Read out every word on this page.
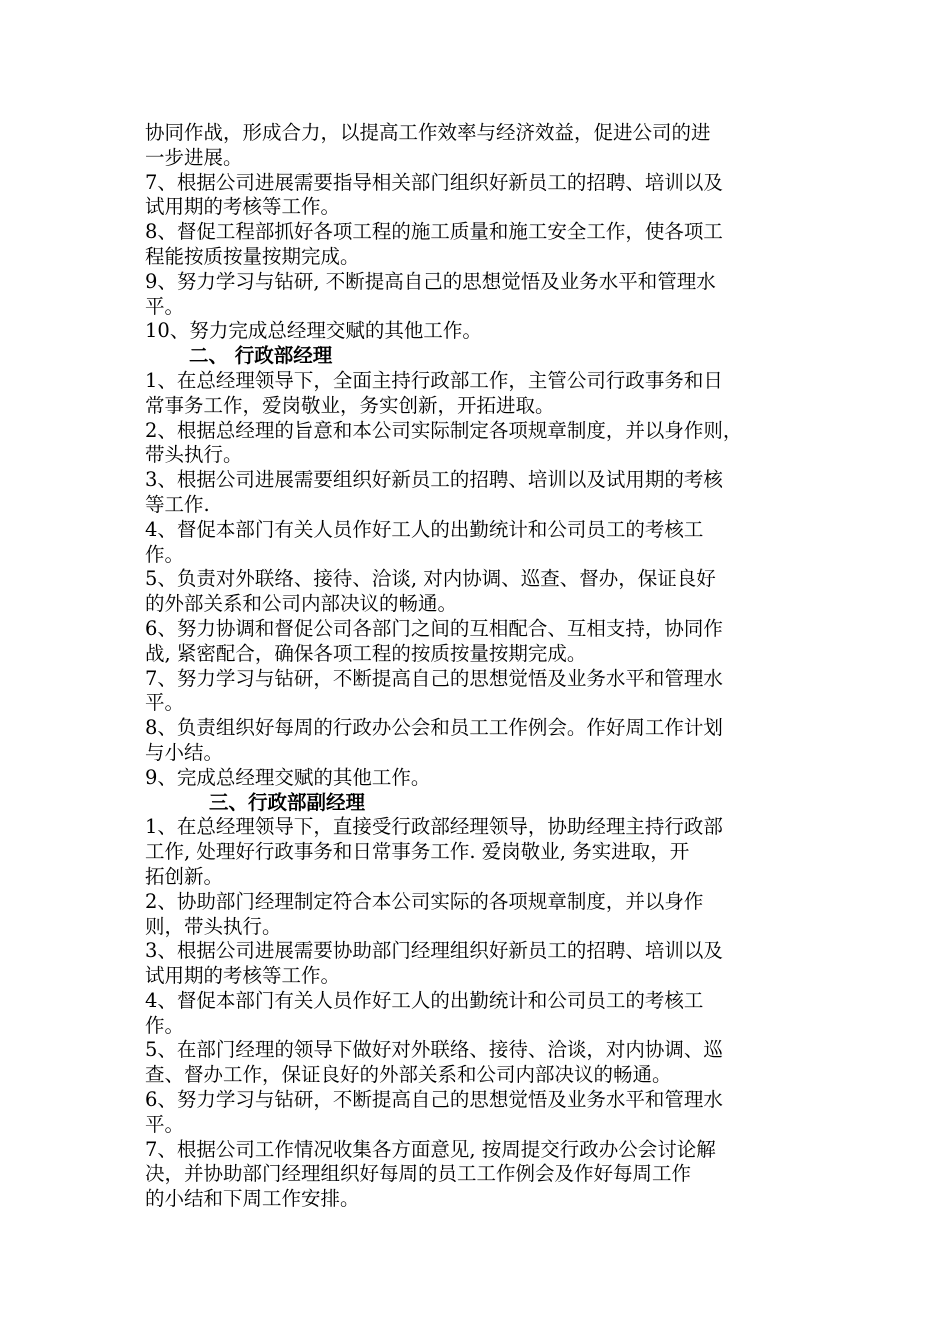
协同作战，形成合力，以提高工作效率与经济效益，促进公司的进
一步进展。
7、根据公司进展需要指导相关部门组织好新员工的招聘、培训以及
试用期的考核等工作。
8、督促工程部抓好各项工程的施工质量和施工安全工作，使各项工
程能按质按量按期完成。
9、努力学习与钻研, 不断提高自己的思想觉悟及业务水平和管理水
平。
10、努力完成总经理交赋的其他工作。
二、 行政部经理
1、在总经理领导下，全面主持行政部工作，主管公司行政事务和日
常事务工作，爱岗敬业，务实创新，开拓进取。
2、根据总经理的旨意和本公司实际制定各项规章制度，并以身作则，
带头执行。
3、根据公司进展需要组织好新员工的招聘、培训以及试用期的考核
等工作.
4、督促本部门有关人员作好工人的出勤统计和公司员工的考核工
作。
5、负责对外联络、接待、洽谈, 对内协调、巡查、督办，保证良好
的外部关系和公司内部决议的畅通。
6、努力协调和督促公司各部门之间的互相配合、互相支持，协同作
战, 紧密配合，确保各项工程的按质按量按期完成。
7、努力学习与钻研，不断提高自己的思想觉悟及业务水平和管理水
平。
8、负责组织好每周的行政办公会和员工工作例会。作好周工作计划
与小结。
9、完成总经理交赋的其他工作。
三、行政部副经理
1、在总经理领导下，直接受行政部经理领导，协助经理主持行政部
工作, 处理好行政事务和日常事务工作. 爱岗敬业, 务实进取，开
拓创新。
2、协助部门经理制定符合本公司实际的各项规章制度，并以身作
则，带头执行。
3、根据公司进展需要协助部门经理组织好新员工的招聘、培训以及
试用期的考核等工作。
4、督促本部门有关人员作好工人的出勤统计和公司员工的考核工
作。
5、在部门经理的领导下做好对外联络、接待、洽谈，对内协调、巡
查、督办工作，保证良好的外部关系和公司内部决议的畅通。
6、努力学习与钻研，不断提高自己的思想觉悟及业务水平和管理水
平。
7、根据公司工作情况收集各方面意见, 按周提交行政办公会讨论解
决，并协助部门经理组织好每周的员工工作例会及作好每周工作
的小结和下周工作安排。
